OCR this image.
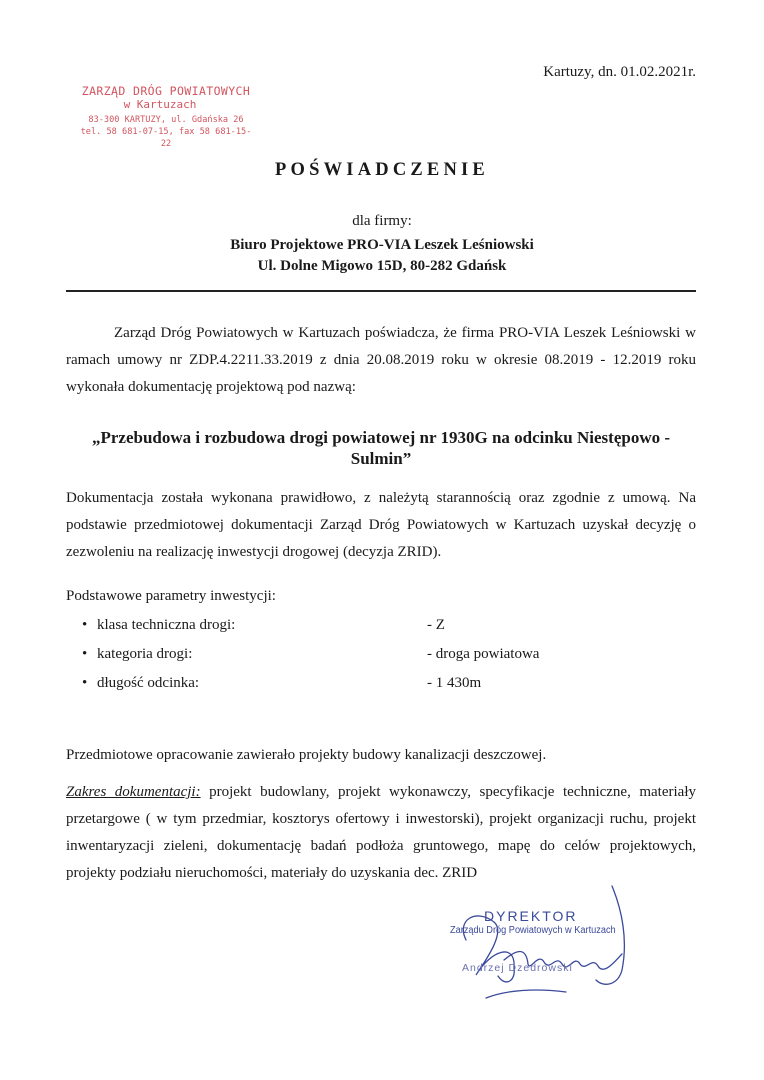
ZARZĄD DRÓG POWIATOWYCH
w Kartuzach
83-300 KARTUZY, ul. Gdańska 26
tel. 58 681-07-15, fax 58 681-15-22
Kartuzy, dn. 01.02.2021r.
POŚWIADCZENIE
dla firmy:
Biuro Projektowe PRO-VIA Leszek Leśniowski
Ul. Dolne Migowo 15D, 80-282 Gdańsk
Zarząd Dróg Powiatowych w Kartuzach poświadcza, że firma PRO-VIA Leszek Leśniowski w ramach umowy nr ZDP.4.2211.33.2019 z dnia 20.08.2019 roku w okresie 08.2019 - 12.2019 roku wykonała dokumentację projektową pod nazwą:
„Przebudowa i rozbudowa drogi powiatowej nr 1930G na odcinku Niestępowo - Sulmin”
Dokumentacja została wykonana prawidłowo, z należytą starannością oraz zgodnie z umową. Na podstawie przedmiotowej dokumentacji Zarząd Dróg Powiatowych w Kartuzach uzyskał decyzję o zezwoleniu na realizację inwestycji drogowej (decyzja ZRID).
Podstawowe parametry inwestycji:
• klasa techniczna drogi:	- Z
• kategoria drogi:	- droga powiatowa
• długość odcinka:	- 1 430m
Przedmiotowe opracowanie zawierało projekty budowy kanalizacji deszczowej.
Zakres dokumentacji: projekt budowlany, projekt wykonawczy, specyfikacje techniczne, materiały przetargowe ( w tym przedmiar, kosztorys ofertowy i inwestorski), projekt organizacji ruchu, projekt inwentaryzacji zieleni, dokumentację badań podłoża gruntowego, mapę do celów projektowych, projekty podziału nieruchomości, materiały do uzyskania dec. ZRID
DYREKTOR
Zarządu Dróg Powiatowych w Kartuzach
Andrzej Dzedrowski
